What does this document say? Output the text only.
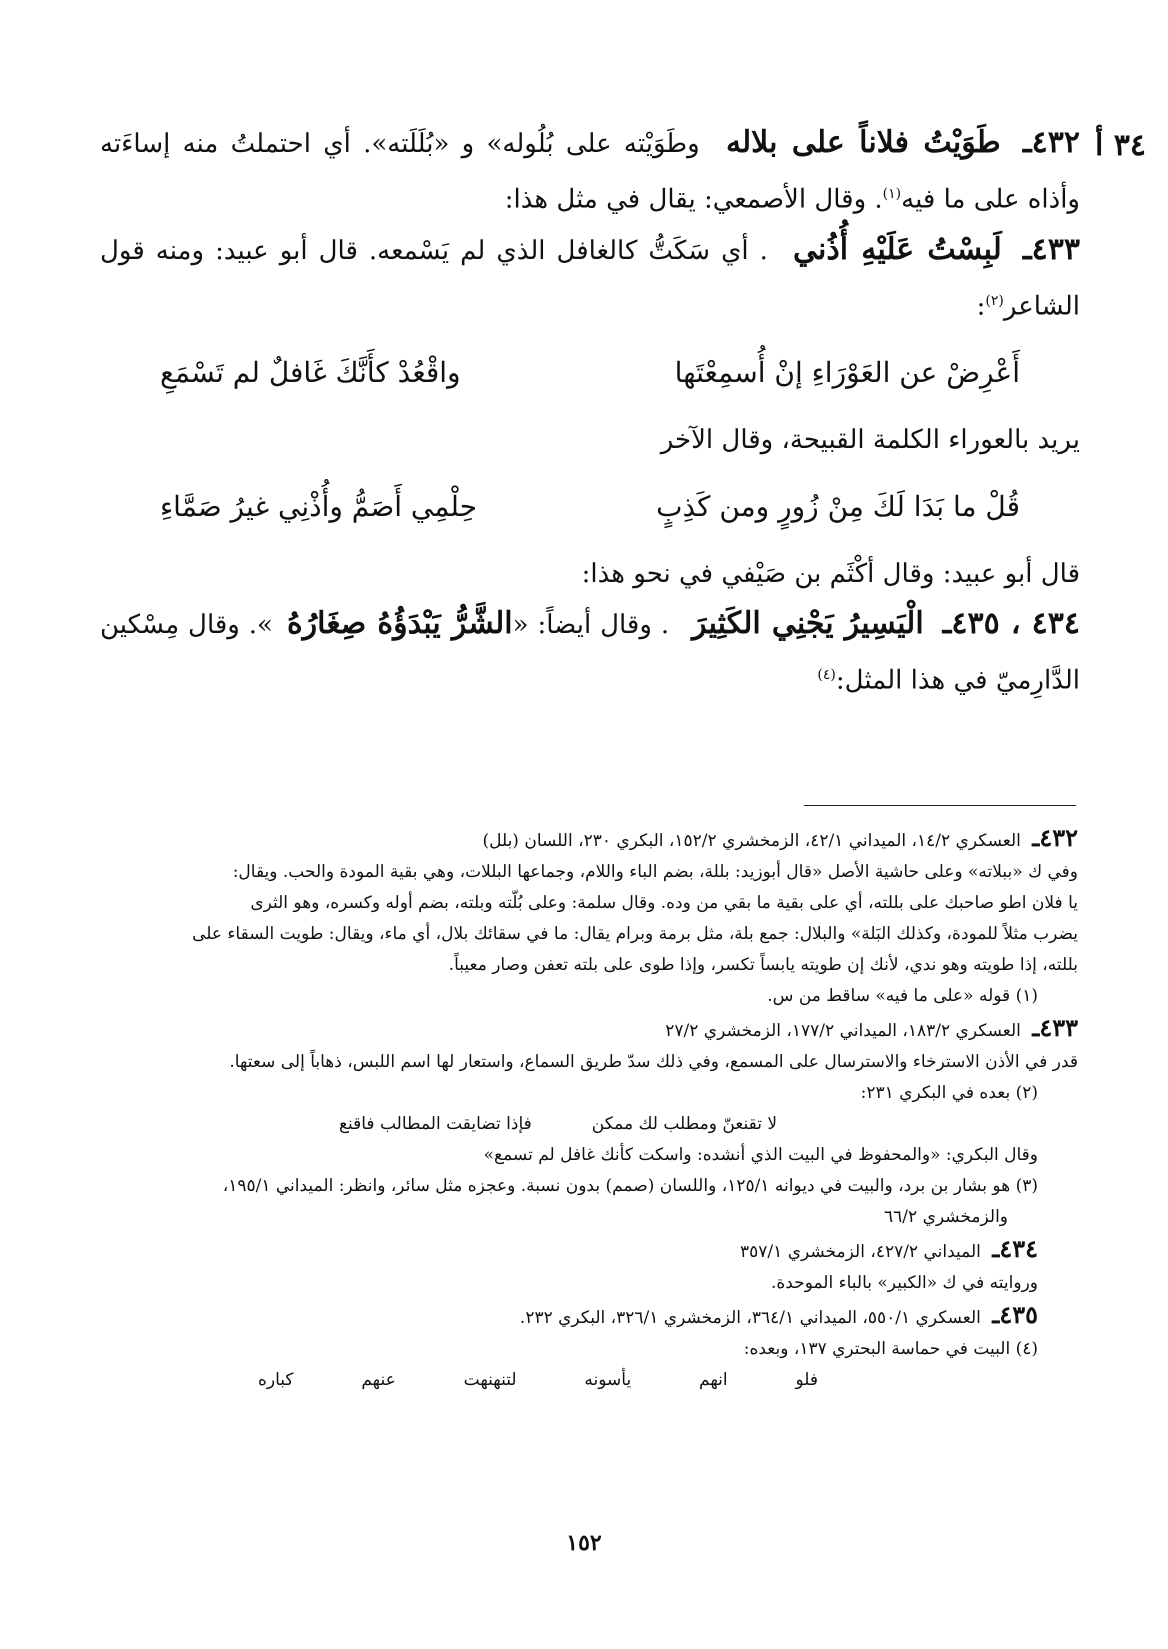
٣٤ أ

٤٣٢ـ طَوَيْتُ فلاناً على بلاله وطَوَيْته على بُلُوله» و «بُلَلَته». أي احتملتُ منه إساءَته وأذاه على ما فيه$^{(١)}$. وقال الأصمعي: يقال في مثل هذا:

٤٣٣ـ لَبِسْتُ عَلَيْهِ أُذُني . أي سَكَتُّ كالغافل الذي لم يَسْمعه. قال أبو عبيد: ومنه قول الشاعر$^{(٢)}$:

أَعْرِضْ عن العَوْرَاءِ إنْ أُسمِعْتَها
واقْعُدْ كأَنَّكَ غَافلٌ لم تَسْمَعِ

يريد بالعوراء الكلمة القبيحة، وقال الآخر

قُلْ ما بَدَا لَكَ مِنْ زُورٍ ومن كَذِبٍ
حِلْمِي أَصَمُّ وأُذْنِي غيرُ صَمَّاءِ

قال أبو عبيد: وقال أكْثَم بن صَيْفي في نحو هذا:

٤٣٤ ، ٤٣٥ـ الْيَسِيرُ يَجْنِي الكَثِيرَ . وقال أيضاً: «الشَّرُّ يَبْدَؤُهُ صِغَارُهُ». وقال مِسْكين الدَّارِميّ في هذا المثل:$^{(٤)}$

٤٣٢ـ العسكري ١٤/٢، الميداني ٤٢/١، الزمخشري ١٥٢/٢، البكري ٢٣٠، اللسان (بلل)

وفي ك «ببلاته» وعلى حاشية الأصل «قال أبوزيد: بللة، بضم الباء واللام، وجماعها البللات، وهي بقية المودة والحب. ويقال:

يا فلان اطو صاحبك على بللته، أي على بقية ما بقي من وده. وقال سلمة: وعلى بُلّته وبلته، بضم أوله وكسره، وهو الثرى

يضرب مثلاً للمودة، وكذلك البَلة» والبلال: جمع بلة، مثل برمة وبرام يقال: ما في سقائك بلال، أي ماء، ويقال: طويت السقاء على

بللته، إذا طويته وهو ندي، لأنك إن طويته يابساً تكسر، وإذا طوى على بلته تعفن وصار معيباً.

(١) قوله «على ما فيه» ساقط من س.

٤٣٣ـ العسكري ١٨٣/٢، الميداني ١٧٧/٢، الزمخشري ٢٧/٢

قدر في الأذن الاسترخاء والاسترسال على المسمع، وفي ذلك سدّ طريق السماع، واستعار لها اسم اللبس، ذهاباً إلى سعتها.

(٢) بعده في البكري ٢٣١:

لا تقنعنّ ومطلب لك ممكن
فإذا تضايقت المطالب فاقنع

وقال البكري: «والمحفوظ في البيت الذي أنشده: واسكت كأنك غافل لم تسمع»

(٣) هو بشار بن برد، والبيت في ديوانه ١٢٥/١، واللسان (صمم) بدون نسبة. وعجزه مثل سائر، وانظر: الميداني ١٩٥/١،

والزمخشري ٦٦/٢

٤٣٤ـ الميداني ٤٢٧/٢، الزمخشري ٣٥٧/١

وروايته في ك «الكبير» بالباء الموحدة.

٤٣٥ـ العسكري ٥٥٠/١، الميداني ٣٦٤/١، الزمخشري ٣٢٦/١، البكري ٢٣٢.

(٤) البيت في حماسة البحتري ١٣٧، وبعده:

فلو
انهم
يأسونه
لتنهنهت
عنهم
كباره
١٥٢
